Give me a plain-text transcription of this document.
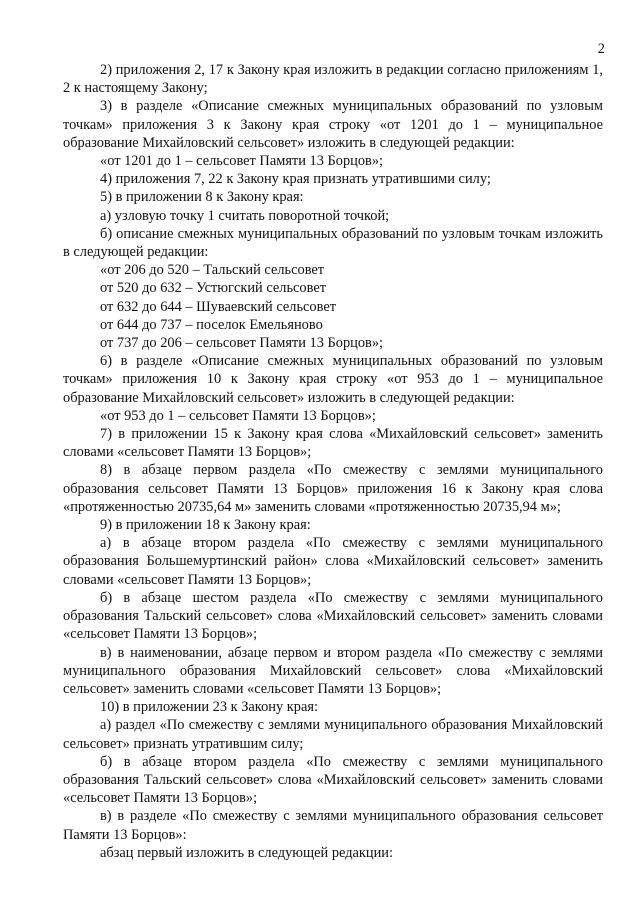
2

2) приложения 2, 17 к Закону края изложить в редакции согласно приложениям 1, 2 к настоящему Закону;

3) в разделе «Описание смежных муниципальных образований по узловым точкам» приложения 3 к Закону края строку «от 1201 до 1 – муниципальное образование Михайловский сельсовет» изложить в следующей редакции:

«от 1201 до 1 – сельсовет Памяти 13 Борцов»;

4) приложения 7, 22 к Закону края признать утратившими силу;

5) в приложении 8 к Закону края:

а) узловую точку 1 считать поворотной точкой;

б) описание смежных муниципальных образований по узловым точкам изложить в следующей редакции:

«от 206 до 520 – Тальский сельсовет

от 520 до 632 – Устюгский сельсовет

от 632 до 644 – Шуваевский сельсовет

от 644 до 737 – поселок Емельяново

от 737 до 206 – сельсовет Памяти 13 Борцов»;

6) в разделе «Описание смежных муниципальных образований по узловым точкам» приложения 10 к Закону края строку «от 953 до 1 – муниципальное образование Михайловский сельсовет» изложить в следующей редакции:

«от 953 до 1 – сельсовет Памяти 13 Борцов»;

7) в приложении 15 к Закону края слова «Михайловский сельсовет» заменить словами «сельсовет Памяти 13 Борцов»;

8) в абзаце первом раздела «По смежеству с землями муниципального образования сельсовет Памяти 13 Борцов» приложения 16 к Закону края слова «протяженностью 20735,64 м» заменить словами «протяженностью 20735,94 м»;

9) в приложении 18 к Закону края:

а) в абзаце втором раздела «По смежеству с землями муниципального образования Большемуртинский район» слова «Михайловский сельсовет» заменить словами «сельсовет Памяти 13 Борцов»;

б) в абзаце шестом раздела «По смежеству с землями муниципального образования Тальский сельсовет» слова «Михайловский сельсовет» заменить словами «сельсовет Памяти 13 Борцов»;

в) в наименовании, абзаце первом и втором раздела «По смежеству с землями муниципального образования Михайловский сельсовет» слова «Михайловский сельсовет» заменить словами «сельсовет Памяти 13 Борцов»;

10) в приложении 23 к Закону края:

а) раздел «По смежеству с землями муниципального образования Михайловский сельсовет» признать утратившим силу;

б) в абзаце втором раздела «По смежеству с землями муниципального образования Тальский сельсовет» слова «Михайловский сельсовет» заменить словами «сельсовет Памяти 13 Борцов»;

в) в разделе «По смежеству с землями муниципального образования сельсовет Памяти 13 Борцов»:

абзац первый изложить в следующей редакции:
